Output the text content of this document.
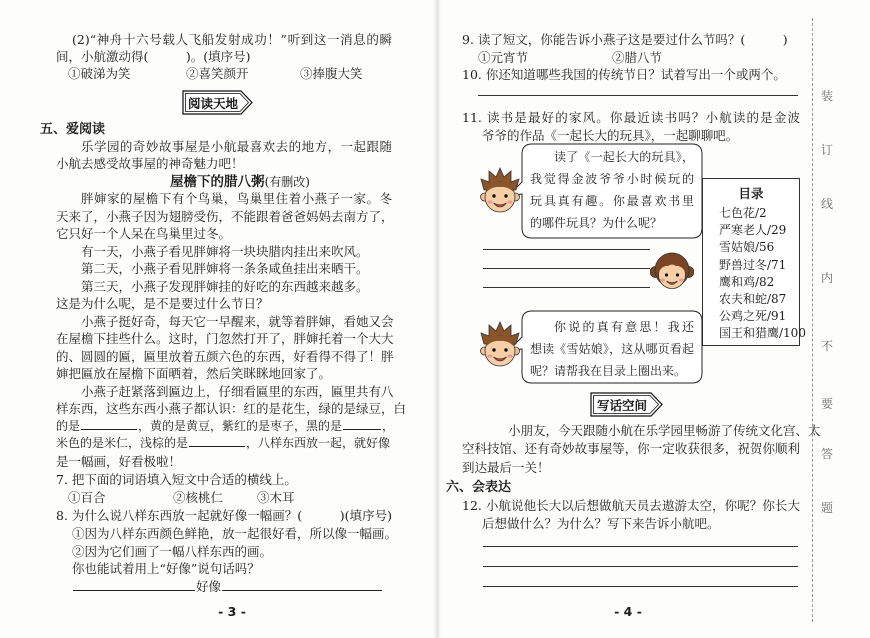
(2)“神舟十六号载人飞船发射成功！”听到这一消息的瞬
间，小航激动得(　　　)。(填序号)
①破涕为笑	②喜笑颜开	③捧腹大笑
阅读天地
五、爱阅读
乐学园的奇妙故事屋是小航最喜欢去的地方，一起跟随
小航去感受故事屋的神奇魅力吧！
屋檐下的腊八粥(有删改)
胖婶家的屋檐下有个鸟巢，鸟巢里住着小燕子一家。冬
天来了，小燕子因为翅膀受伤，不能跟着爸爸妈妈去南方了，
它只好一个人呆在鸟巢里过冬。
有一天，小燕子看见胖婶将一块块腊肉挂出来吹风。
第二天，小燕子看见胖婶将一条条咸鱼挂出来晒干。
第三天，小燕子发现胖婶挂的好吃的东西越来越多。
这是为什么呢，是不是要过什么节日？
小燕子挺好奇，每天它一早醒来，就等着胖婶，看她又会
在屋檐下挂些什么。这时，门忽然打开了，胖婶托着一个大大
的、圆圆的匾，匾里放着五颜六色的东西，好看得不得了！胖
婶把匾放在屋檐下面晒着，然后笑眯眯地回家了。
小燕子赶紧落到匾边上，仔细看匾里的东西，匾里共有八
样东西，这些东西小燕子都认识：红的是花生，绿的是绿豆，白
的是	，黄的是黄豆，紫红的是枣子，黑的是	，
米色的是米仁，浅棕的是	，八样东西放一起，就好像
是一幅画，好看极啦！
7. 把下面的词语填入短文中合适的横线上。
①百合	②核桃仁	③木耳
8. 为什么说八样东西放一起就好像一幅画？(　　　)(填序号)
①因为八样东西颜色鲜艳，放一起很好看，所以像一幅画。
②因为它们画了一幅八样东西的画。
你也能试着用上“好像”说句话吗？
好像
- 3 -
9. 读了短文，你能告诉小燕子这是要过什么节吗？(　　　)
①元宵节	②腊八节
10. 你还知道哪些我国的传统节日？试着写出一个或两个。
11. 读书是最好的家风。你最近读书吗？小航读的是金波
爷爷的作品《一起长大的玩具》，一起聊聊吧。
读了《一起长大的玩具》，
我觉得金波爷爷小时候玩的
玩具真有趣。你最喜欢书里
的哪件玩具？为什么呢？
目录
七色花/2
严寒老人/29
雪姑娘/56
野兽过冬/71
鹰和鸡/82
农夫和蛇/87
公鸡之死/91
国王和猎鹰/100
你说的真有意思！我还
想读《雪姑娘》，这从哪页看起
呢？请帮我在目录上圈出来。
写话空间
小朋友，今天跟随小航在乐学园里畅游了传统文化宫、太
空科技馆、还有奇妙故事屋等，你一定收获很多，祝贺你顺利
到达最后一关！
六、会表达
12. 小航说他长大以后想做航天员去遨游太空，你呢？你长大
后想做什么？为什么？写下来告诉小航吧。
- 4 -
装
订
线
内
不
要
答
题
